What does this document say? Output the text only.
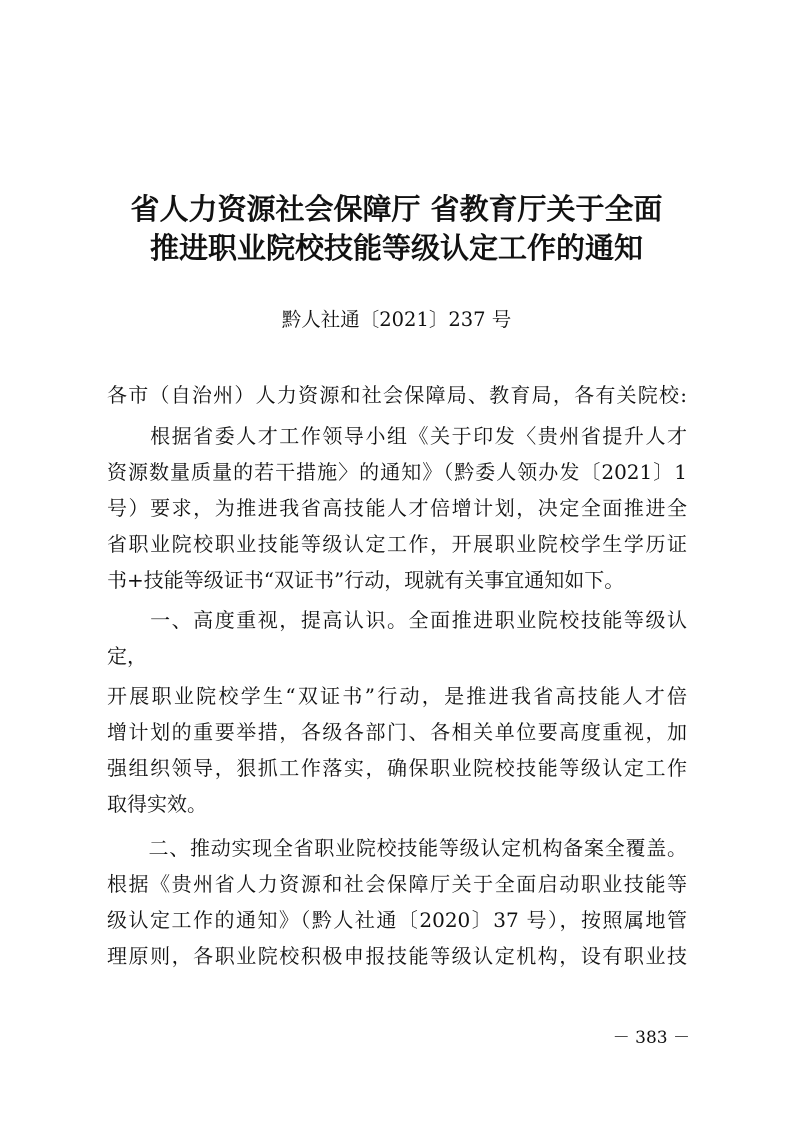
省人力资源社会保障厅 省教育厅关于全面
推进职业院校技能等级认定工作的通知
黔人社通〔2021〕237 号
各市（自治州）人力资源和社会保障局、教育局，各有关院校:
　　根据省委人才工作领导小组《关于印发〈贵州省提升人才
资源数量质量的若干措施〉的通知》（黔委人领办发〔2021〕1
号）要求，为推进我省高技能人才倍增计划，决定全面推进全
省职业院校职业技能等级认定工作，开展职业院校学生学历证
书+技能等级证书“双证书”行动，现就有关事宜通知如下。
　　一、高度重视，提高认识。全面推进职业院校技能等级认
定，
开展职业院校学生“双证书”行动，是推进我省高技能人才倍
增计划的重要举措，各级各部门、各相关单位要高度重视，加
强组织领导，狠抓工作落实，确保职业院校技能等级认定工作
取得实效。
　　二、推动实现全省职业院校技能等级认定机构备案全覆盖。
根据《贵州省人力资源和社会保障厅关于全面启动职业技能等
级认定工作的通知》（黔人社通〔2020〕37 号），按照属地管
理原则，各职业院校积极申报技能等级认定机构，设有职业技
－ 383 －
